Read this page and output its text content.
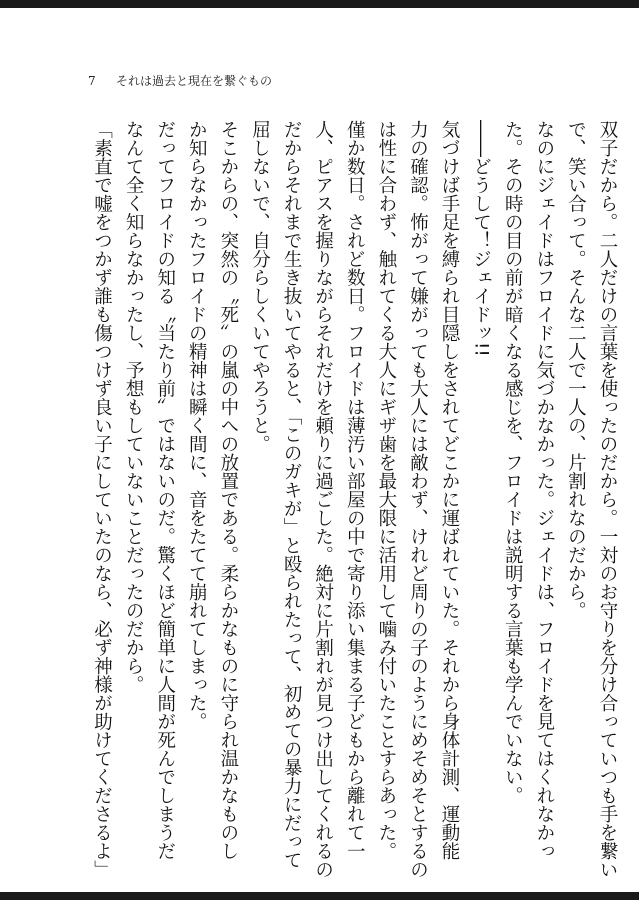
7 それは過去と現在を繋ぐもの
双子だから。二人だけの言葉を使ったのだから。一対のお守りを分け合っていつも手を繋い
で、笑い合って。そんな二人で一人の、片割れなのだから。
なのにジェイドはフロイドに気づかなかった。ジェイドは、フロイドを見てはくれなかっ
た。その時の目の前が暗くなる感じを、フロイドは説明する言葉も学んでいない。
――どうして！ジェイドッ!!
気づけば手足を縛られ目隠しをされてどこかに運ばれていた。それから身体計測、運動能
力の確認。怖がって嫌がっても大人には敵わず、けれど周りの子のようにめそめそとするの
は性に合わず、触れてくる大人にギザ歯を最大限に活用して噛み付いたことすらあった。
僅か数日。されど数日。フロイドは薄汚い部屋の中で寄り添い集まる子どもから離れて一
人、ピアスを握りながらそれだけを頼りに過ごした。絶対に片割れが見つけ出してくれるの
だからそれまで生き抜いてやると、「このガキが」と殴られたって、初めての暴力にだって
屈しないで、自分らしくいてやろうと。
そこからの、突然の〝死〟の嵐の中への放置である。柔らかなものに守られ温かなものし
か知らなかったフロイドの精神は瞬く間に、音をたてて崩れてしまった。
だってフロイドの知る〝当たり前〟ではないのだ。驚くほど簡単に人間が死んでしまうだ
なんて全く知らなかったし、予想もしていないことだったのだから。
「素直で嘘をつかず誰も傷つけず良い子にしていたのなら、必ず神様が助けてくださるよ」
